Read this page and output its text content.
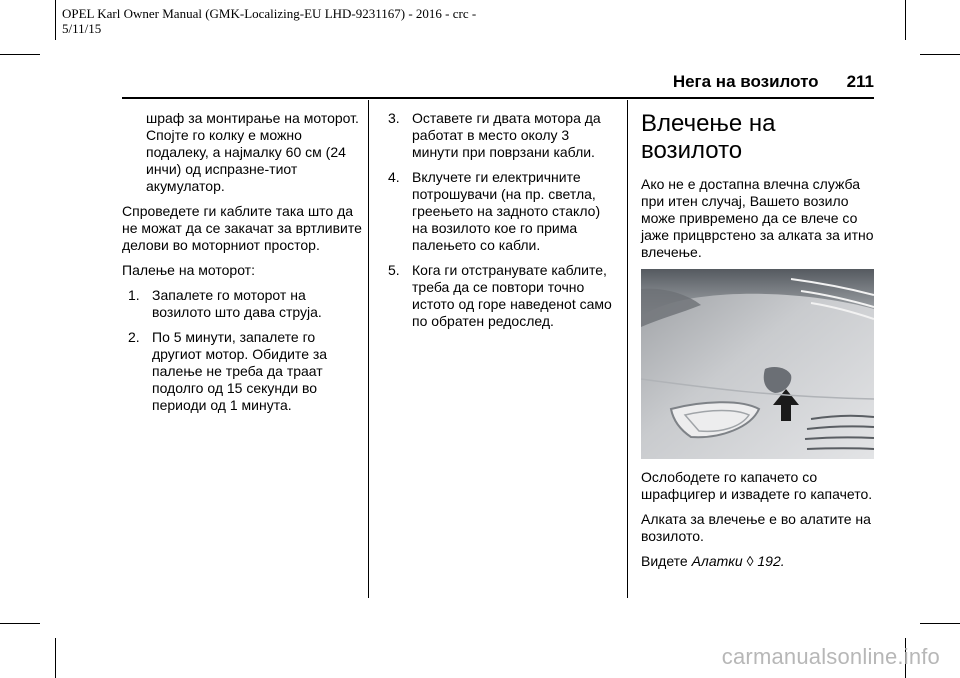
OPEL Karl Owner Manual (GMK-Localizing-EU LHD-9231167) - 2016 - crc -
5/11/15
Нега на возилото 211

шраф за монтирање на моторот. Спојте го колку е можно подалеку, а најмалку 60 см (24 инчи) од испразне-тиот акумулатор.

Спроведете ги каблите така што да не можат да се закачат за вртливите делови во моторниот простор.

Палење на моторот:

1. Запалете го моторот на возилото што дава струја.
2. По 5 минути, запалете го другиот мотор. Обидите за палење не треба да траат подолго од 15 секунди во периоди од 1 минута.
3. Оставете ги двата мотора да работат в место околу 3 минути при поврзани кабли.
4. Вклучете ги електричните потрошувачи (на пр. светла, греењето на задното стакло) на возилото кое го прима палењето со кабли.
5. Кога ги отстранувате каблите, треба да се повтори точно истото од горе наведеноt само по обратен редослед.
Влечење на возилото

Ако не е достапна влечна служба при итен случај, Вашето возило може привремено да се влече со јаже прицврстено за алката за итно влечење.

Ослободете го капачето со шрафцигер и извадете го капачето.

Алката за влечење е во алатите на возилото.

Видете Алатки ◊ 192.

carmanualsonline.info
